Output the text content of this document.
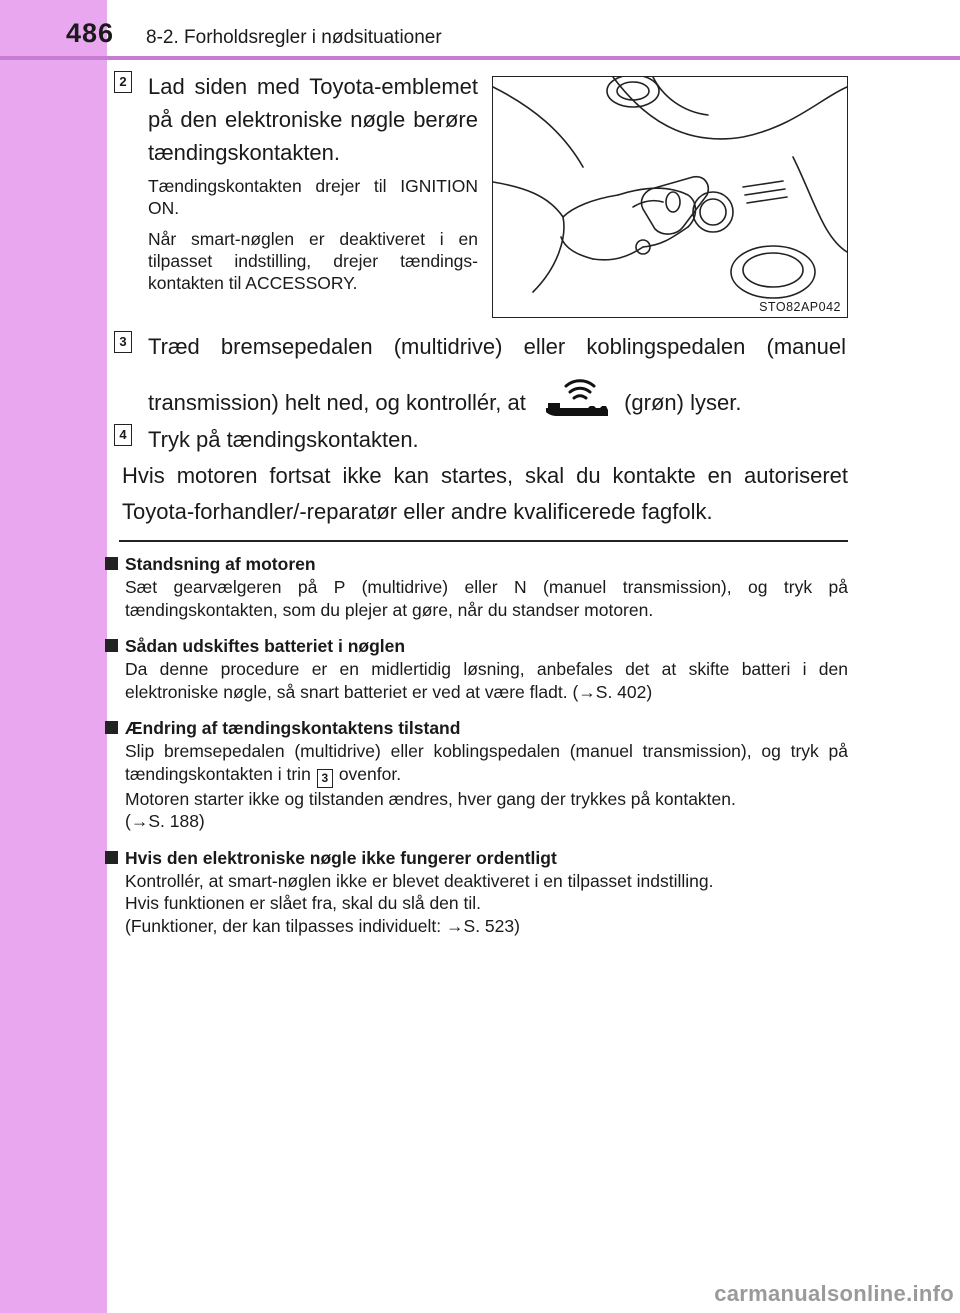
486 8-2. Forholdsregler i nødsituationer
2 Lad siden med Toyota-emblemet på den elektroniske nøgle berøre tændingskontakten.
Tændingskontakten drejer til IGNITION ON.
Når smart-nøglen er deaktiveret i en tilpasset indstilling, drejer tændings-kontakten til ACCESSORY.
STO82AP042
3 Træd bremsepedalen (multidrive) eller koblingspedalen (manuel
transmission) helt ned, og kontrollér, at	(grøn) lyser.
4 Tryk på tændingskontakten.
Hvis motoren fortsat ikke kan startes, skal du kontakte en autoriseret Toyota-forhandler/-reparatør eller andre kvalificerede fagfolk.
Standsning af motoren
Sæt gearvælgeren på P (multidrive) eller N (manuel transmission), og tryk på tændingskontakten, som du plejer at gøre, når du standser motoren.
Sådan udskiftes batteriet i nøglen
Da denne procedure er en midlertidig løsning, anbefales det at skifte batteri i den elektroniske nøgle, så snart batteriet er ved at være fladt. (→S. 402)
Ændring af tændingskontaktens tilstand
Slip bremsepedalen (multidrive) eller koblingspedalen (manuel transmission), og tryk på tændingskontakten i trin 3 ovenfor.
Motoren starter ikke og tilstanden ændres, hver gang der trykkes på kontakten.
(→S. 188)
Hvis den elektroniske nøgle ikke fungerer ordentligt
Kontrollér, at smart-nøglen ikke er blevet deaktiveret i en tilpasset indstilling.
Hvis funktionen er slået fra, skal du slå den til.
(Funktioner, der kan tilpasses individuelt: →S. 523)
carmanualsonline.info
